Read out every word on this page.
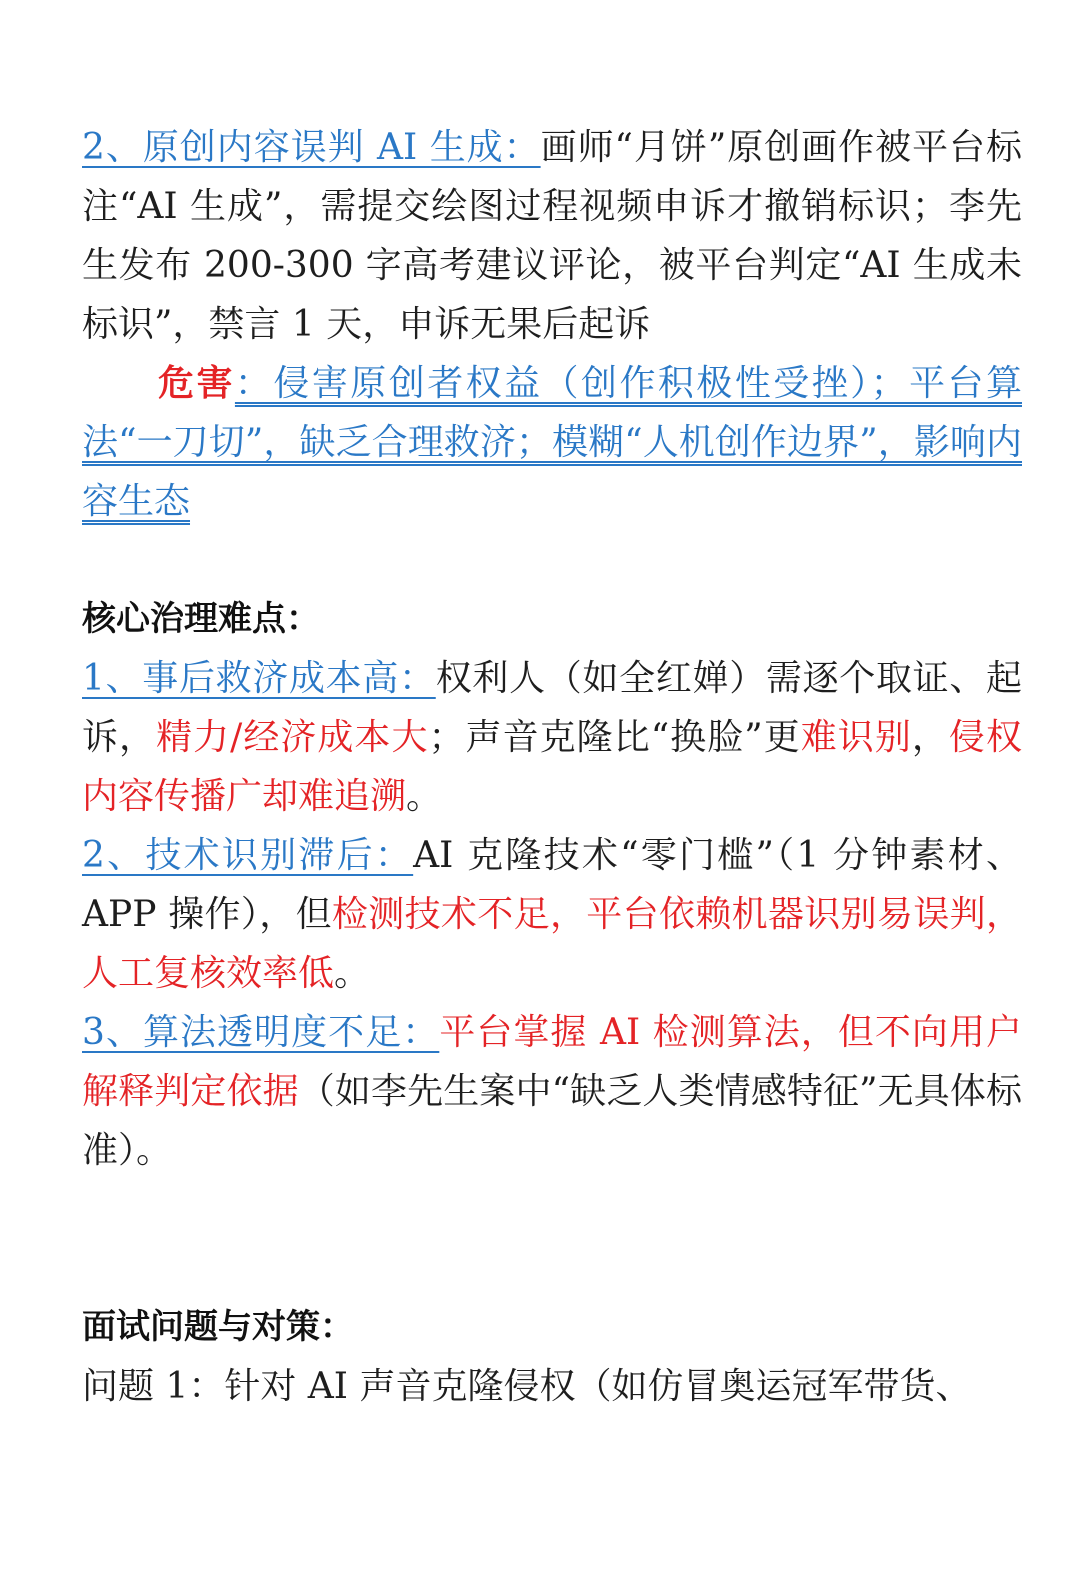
2、原创内容误判 AI 生成：画师“月饼”原创画作被平台标注“AI 生成”，需提交绘图过程视频申诉才撤销标识；李先生发布 200-300 字高考建议评论，被平台判定“AI 生成未标识”，禁言 1 天，申诉无果后起诉

危害：侵害原创者权益（创作积极性受挫）；平台算法“一刀切”，缺乏合理救济；模糊“人机创作边界”，影响内容生态

核心治理难点：

1、事后救济成本高：权利人（如全红婵）需逐个取证、起诉，精力/经济成本大；声音克隆比“换脸”更难识别，侵权内容传播广却难追溯。

2、技术识别滞后：AI 克隆技术“零门槛”（1 分钟素材、APP 操作），但检测技术不足，平台依赖机器识别易误判，人工复核效率低。

3、算法透明度不足：平台掌握 AI 检测算法，但不向用户解释判定依据（如李先生案中“缺乏人类情感特征”无具体标准）。

面试问题与对策：

问题 1：针对 AI 声音克隆侵权（如仿冒奥运冠军带货、
